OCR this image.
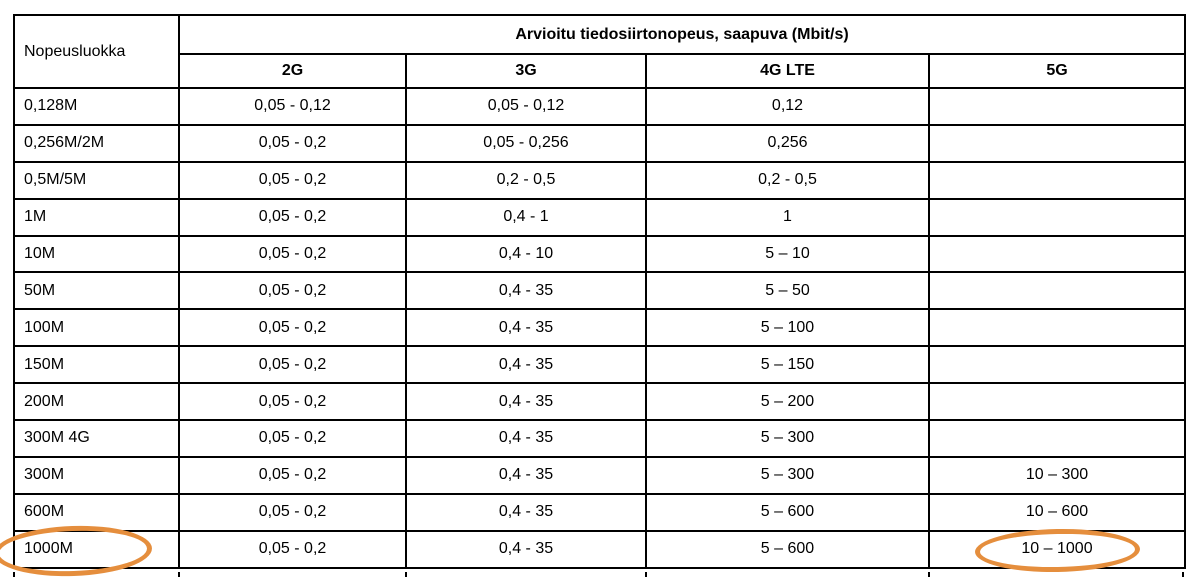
Nopeusluokka	Arvioitu tiedosiirtonopeus, saapuva (Mbit/s)			
	2G	3G	4G LTE	5G
0,128M	0,05 - 0,12	0,05 - 0,12	0,12	
0,256M/2M	0,05 - 0,2	0,05 - 0,256	0,256	
0,5M/5M	0,05 - 0,2	0,2 - 0,5	0,2 - 0,5	
1M	0,05 - 0,2	0,4 - 1	1	
10M	0,05 - 0,2	0,4 - 10	5 – 10	
50M	0,05 - 0,2	0,4 - 35	5 – 50	
100M	0,05 - 0,2	0,4 - 35	5 – 100	
150M	0,05 - 0,2	0,4 - 35	5 – 150	
200M	0,05 - 0,2	0,4 - 35	5 – 200	
300M 4G	0,05 - 0,2	0,4 - 35	5 – 300	
300M	0,05 - 0,2	0,4 - 35	5 – 300	10 – 300
600M	0,05 - 0,2	0,4 - 35	5 – 600	10 – 600
1000M	0,05 - 0,2	0,4 - 35	5 – 600	10 – 1000
